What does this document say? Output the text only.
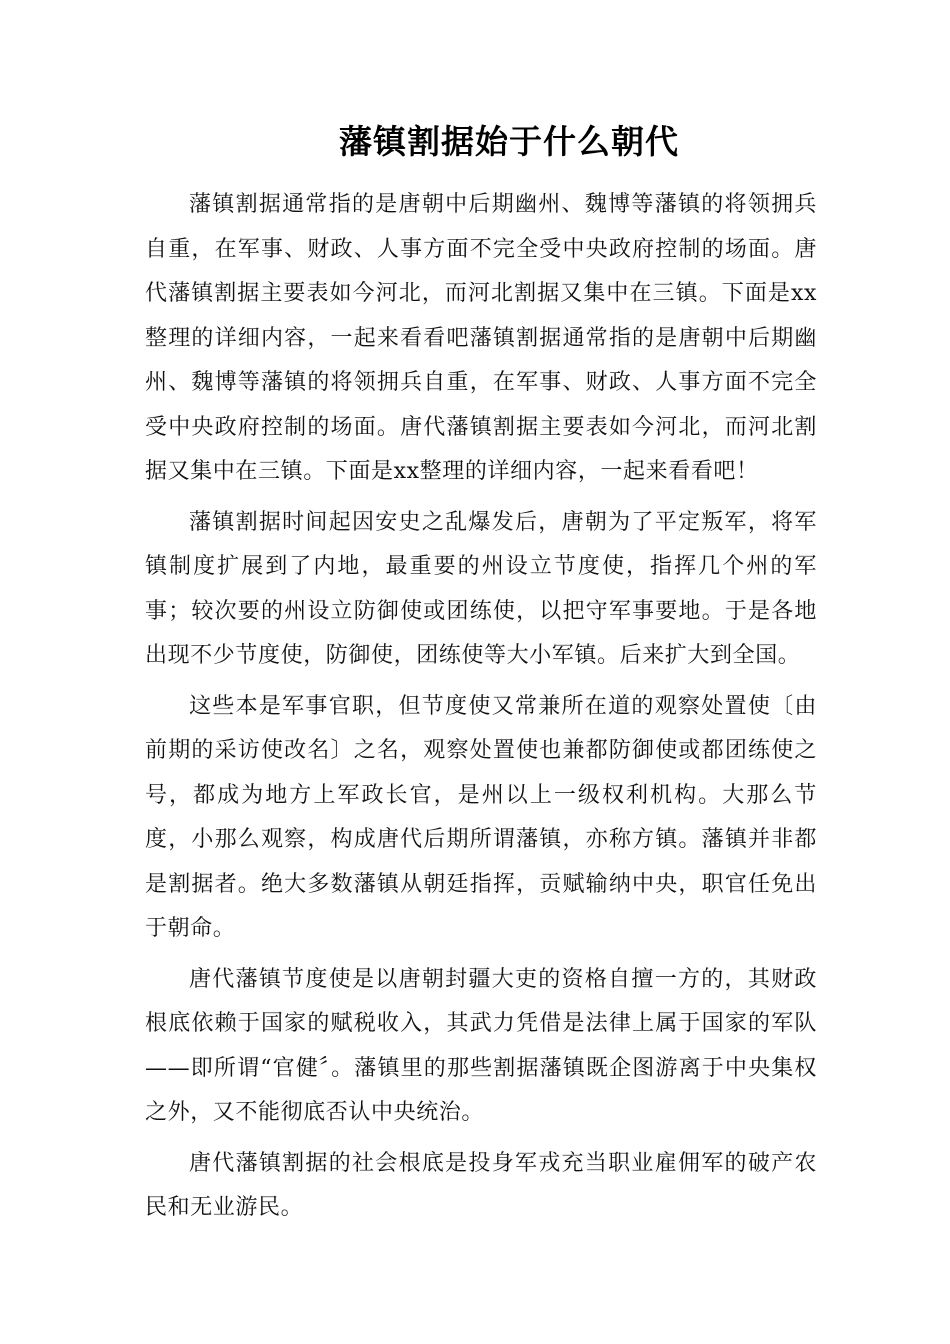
藩镇割据始于什么朝代

藩镇割据通常指的是唐朝中后期幽州、魏博等藩镇的将领拥兵自重，在军事、财政、人事方面不完全受中央政府控制的场面。唐代藩镇割据主要表如今河北，而河北割据又集中在三镇。下面是xx整理的详细内容，一起来看看吧藩镇割据通常指的是唐朝中后期幽州、魏博等藩镇的将领拥兵自重，在军事、财政、人事方面不完全受中央政府控制的场面。唐代藩镇割据主要表如今河北，而河北割据又集中在三镇。下面是xx整理的详细内容，一起来看看吧！

藩镇割据时间起因安史之乱爆发后，唐朝为了平定叛军，将军镇制度扩展到了内地，最重要的州设立节度使，指挥几个州的军事；较次要的州设立防御使或团练使，以把守军事要地。于是各地出现不少节度使，防御使，团练使等大小军镇。后来扩大到全国。

这些本是军事官职，但节度使又常兼所在道的观察处置使〔由前期的采访使改名〕之名，观察处置使也兼都防御使或都团练使之号，都成为地方上军政长官，是州以上一级权利机构。大那么节度，小那么观察，构成唐代后期所谓藩镇，亦称方镇。藩镇并非都是割据者。绝大多数藩镇从朝廷指挥，贡赋输纳中央，职官任免出于朝命。

唐代藩镇节度使是以唐朝封疆大吏的资格自擅一方的，其财政根底依赖于国家的赋税收入，其武力凭借是法律上属于国家的军队——即所谓“官健〞。藩镇里的那些割据藩镇既企图游离于中央集权之外，又不能彻底否认中央统治。

唐代藩镇割据的社会根底是投身军戎充当职业雇佣军的破产农民和无业游民。
